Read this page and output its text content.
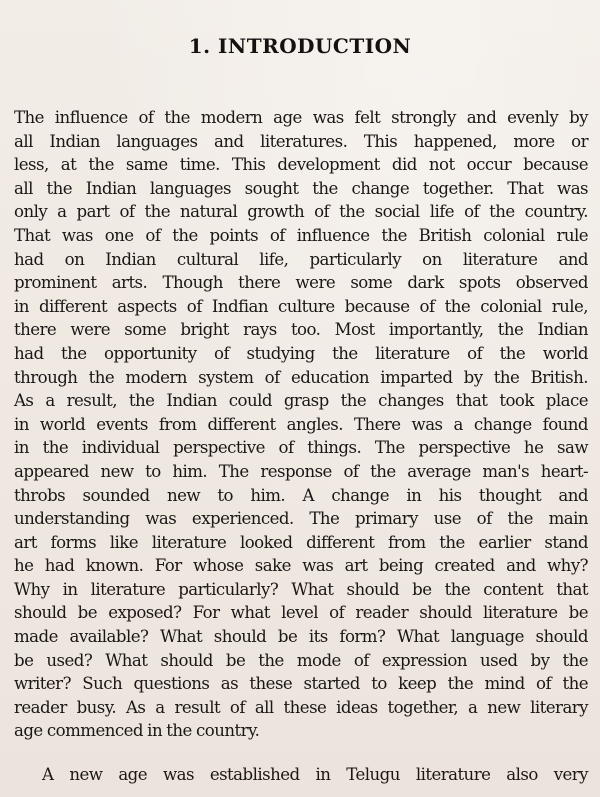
1. INTRODUCTION
The influence of the modern age was felt strongly and evenly by
all Indian languages and literatures. This happened, more or
less, at the same time. This development did not occur because
all the Indian languages sought the change together. That was
only a part of the natural growth of the social life of the country.
That was one of the points of influence the British colonial rule
had on Indian cultural life, particularly on literature and
prominent arts. Though there were some dark spots observed
in different aspects of Indfian culture because of the colonial rule,
there were some bright rays too. Most importantly, the Indian
had the opportunity of studying the literature of the world
through the modern system of education imparted by the British.
As a result, the Indian could grasp the changes that took place
in world events from different angles. There was a change found
in the individual perspective of things. The perspective he saw
appeared new to him. The response of the average man's heart-
throbs sounded new to him. A change in his thought and
understanding was experienced. The primary use of the main
art forms like literature looked different from the earlier stand
he had known. For whose sake was art being created and why?
Why in literature particularly? What should be the content that
should be exposed? For what level of reader should literature be
made available? What should be its form? What language should
be used? What should be the mode of expression used by the
writer? Such questions as these started to keep the mind of the
reader busy. As a result of all these ideas together, a new literary
age commenced in the country.
A new age was established in Telugu literature also very
